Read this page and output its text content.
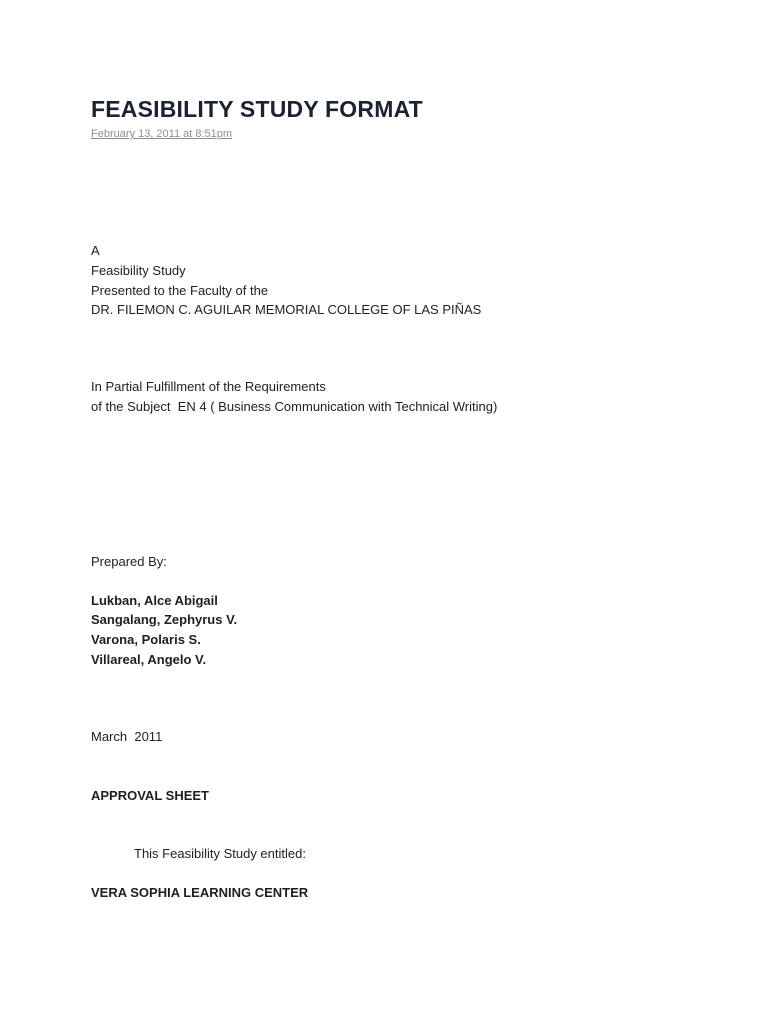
FEASIBILITY STUDY FORMAT
February 13, 2011 at 8:51pm
A
Feasibility Study
Presented to the Faculty of the
DR. FILEMON C. AGUILAR MEMORIAL COLLEGE OF LAS PIÑAS
In Partial Fulfillment of the Requirements
of the Subject  EN 4 ( Business Communication with Technical Writing)
Prepared By:
Lukban, Alce Abigail
Sangalang, Zephyrus V.
Varona, Polaris S.
Villareal, Angelo V.
March  2011
APPROVAL SHEET
This Feasibility Study entitled:
VERA SOPHIA LEARNING CENTER
